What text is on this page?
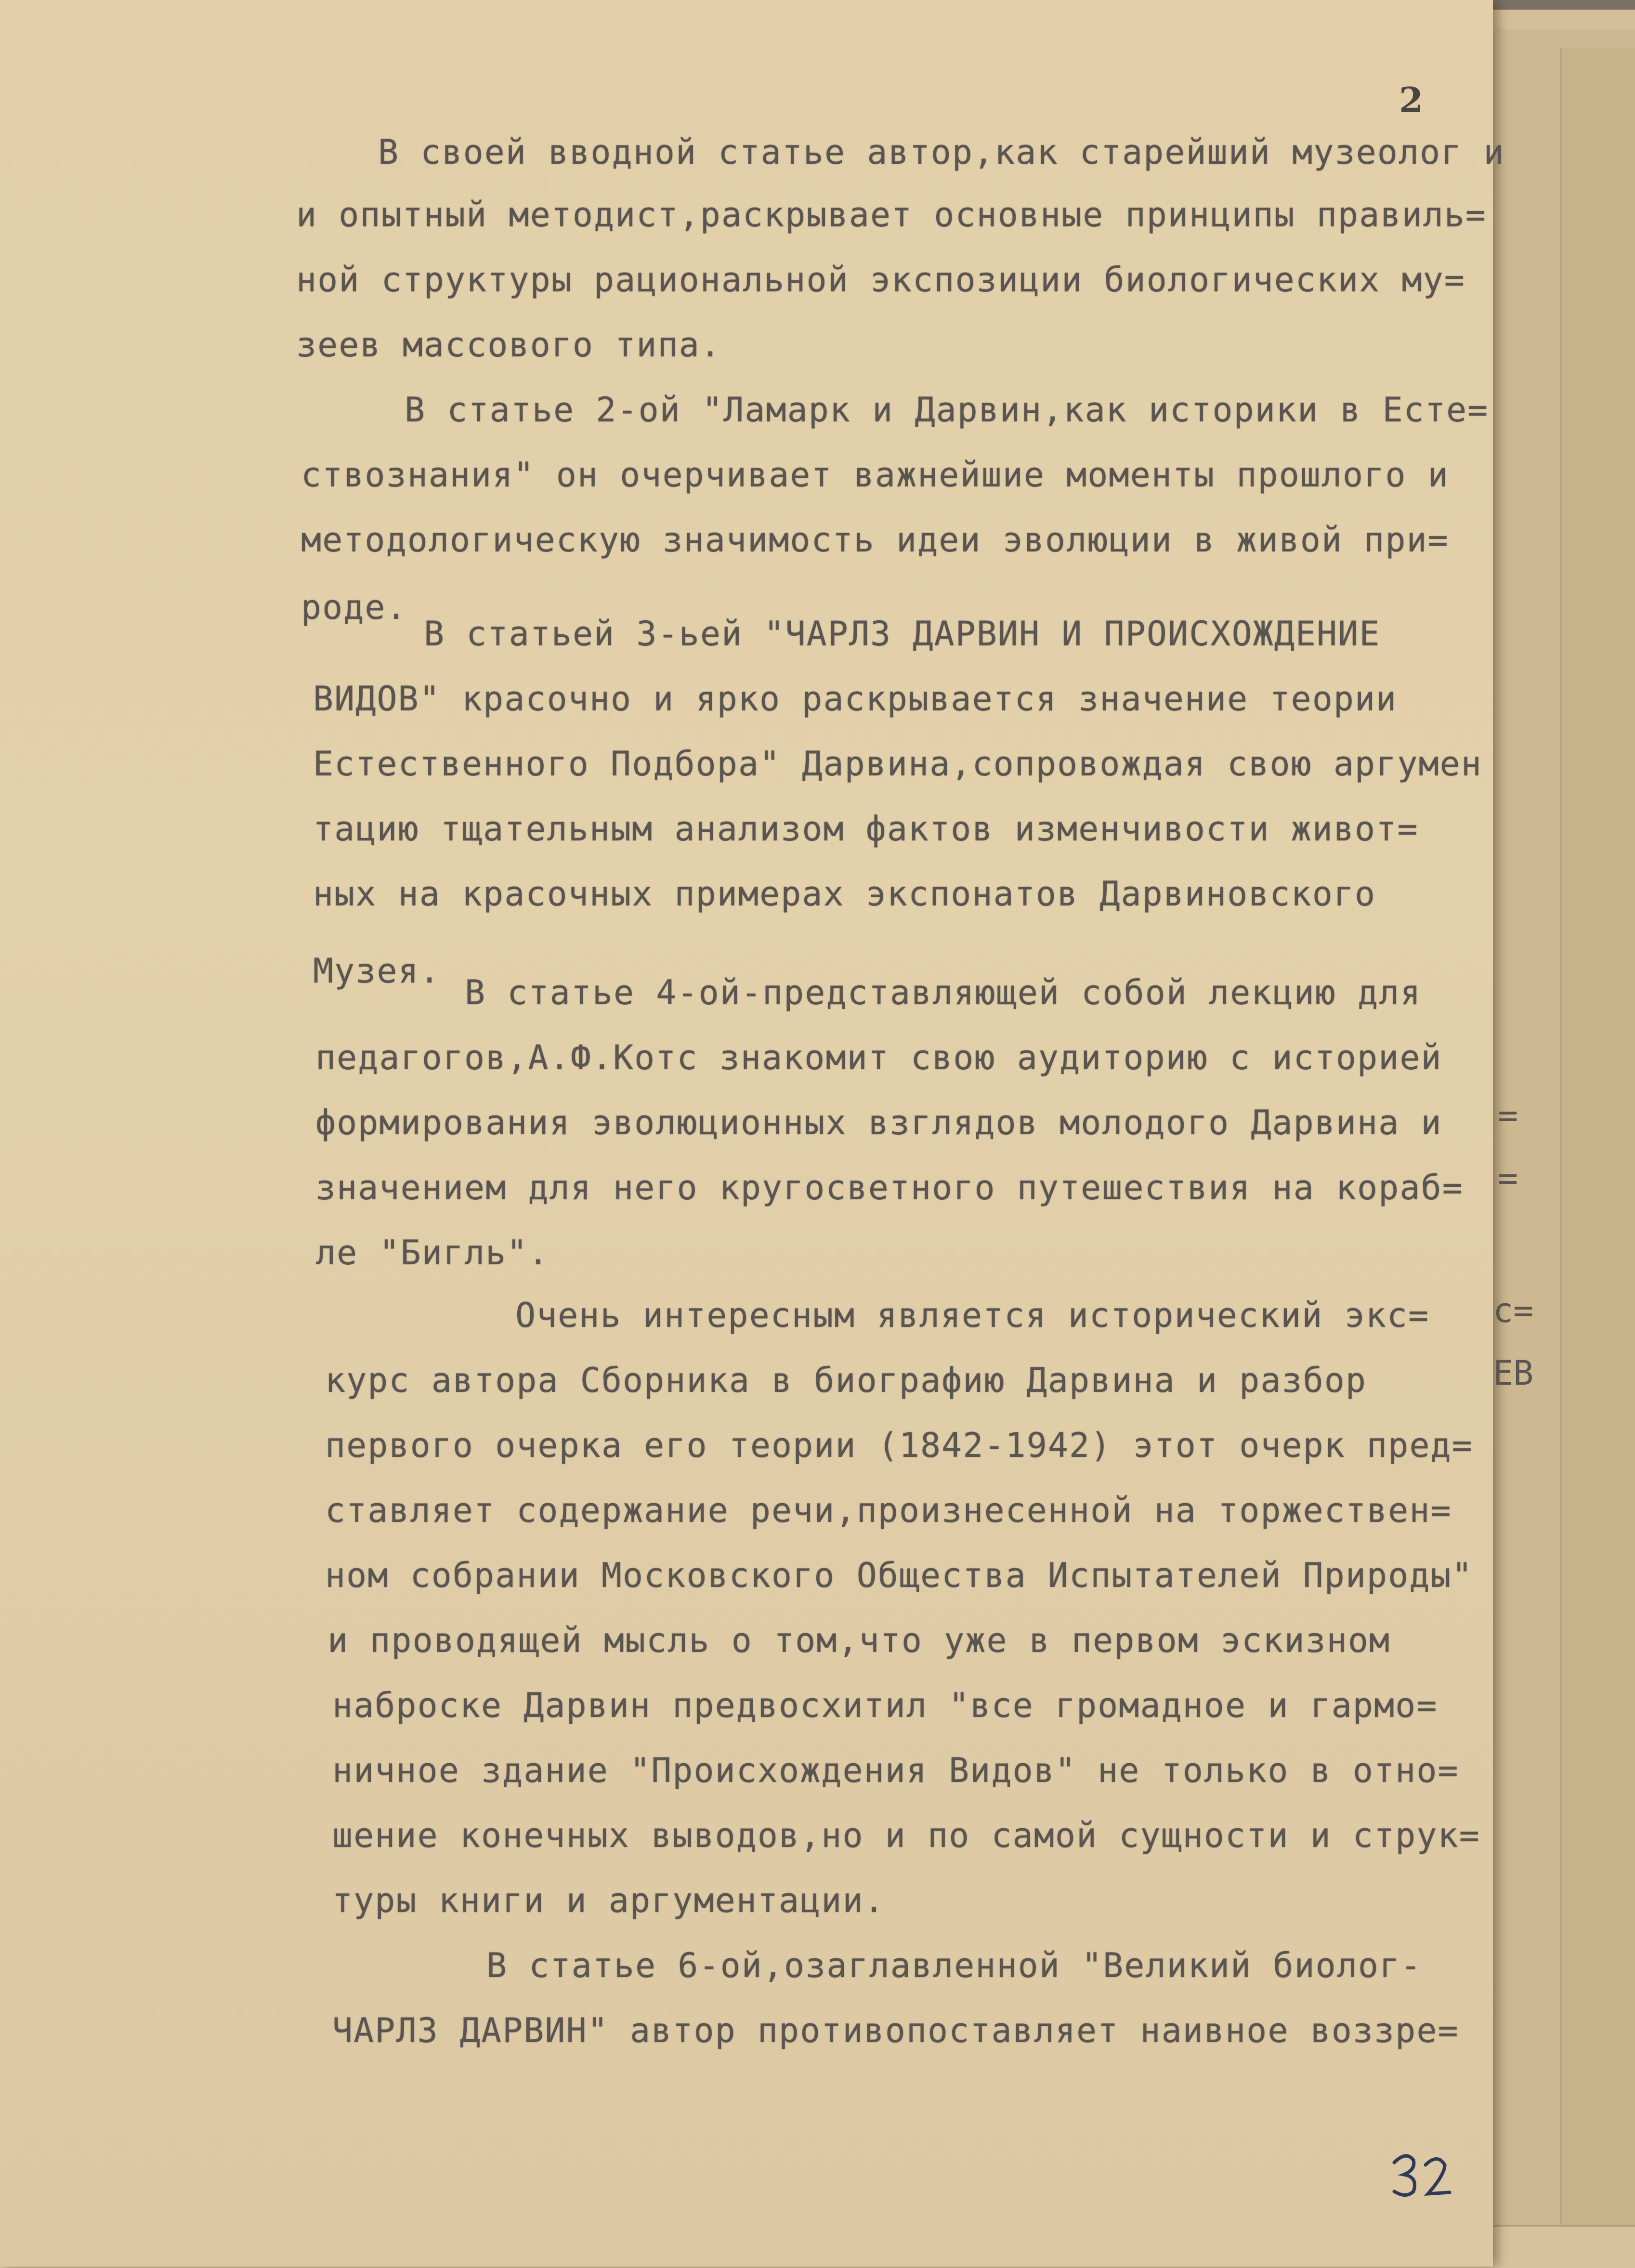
2

В своей вводной статье автор,как старейший музеолог и

и опытный методист,раскрывает основные принципы правиль=

ной структуры рациональной экспозиции биологических му=

зеев массового типа.

В статье 2-ой "Ламарк и Дарвин,как историки в Есте=

ствознания" он очерчивает важнейшие моменты прошлого и

методологическую значимость идеи эволюции в живой при=

роде.

В статьей 3-ьей "ЧАРЛЗ ДАРВИН И ПРОИСХОЖДЕНИЕ

ВИДОВ" красочно и ярко раскрывается значение теории

Естественного Подбора" Дарвина,сопровождая свою аргумен

тацию тщательным анализом фактов изменчивости живот=

ных на красочных примерах экспонатов Дарвиновского

Музея.

В статье 4-ой-представляющей собой лекцию для

педагогов,А.Ф.Котс знакомит свою аудиторию с историей

формирования эволюционных взглядов молодого Дарвина и

значением для него кругосветного путешествия на кораб=

ле "Бигль".

Очень интересным является исторический экс=

курс автора Сборника в биографию Дарвина и разбор

первого очерка его теории (1842-1942) этот очерк пред=

ставляет содержание речи,произнесенной на торжествен=

ном собрании Московского Общества Испытателей Природы"

и проводящей мысль о том,что уже в первом эскизном

наброске Дарвин предвосхитил "все громадное и гармо=

ничное здание "Происхождения Видов" не только в отно=

шение конечных выводов,но и по самой сущности и струк=

туры книги и аргументации.

В статье 6-ой,озаглавленной "Великий биолог-

ЧАРЛЗ ДАРВИН" автор противопоставляет наивное воззре=

=
=
с=
ЕВ
